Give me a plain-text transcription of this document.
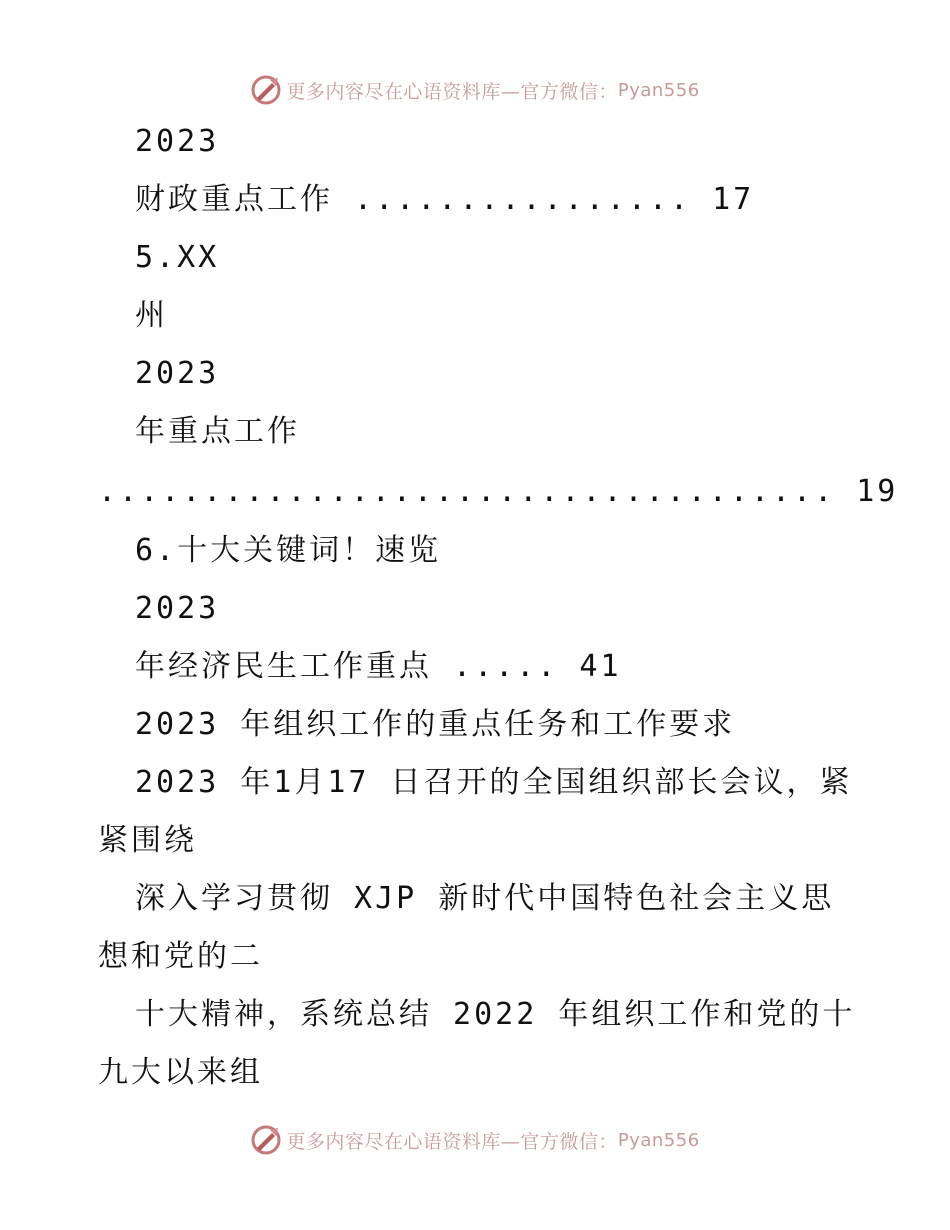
更多内容尽在心语资料库—官方微信： Pyan556
2023
财政重点工作 ................ 17
5.XX
州
2023
年重点工作
................................... 19
6.十大关键词！速览
2023
年经济民生工作重点 ..... 41
2023 年组织工作的重点任务和工作要求
2023 年1月17 日召开的全国组织部长会议，紧
紧围绕
深入学习贯彻 XJP 新时代中国特色社会主义思
想和党的二
十大精神，系统总结 2022 年组织工作和党的十
九大以来组
更多内容尽在心语资料库—官方微信： Pyan556
